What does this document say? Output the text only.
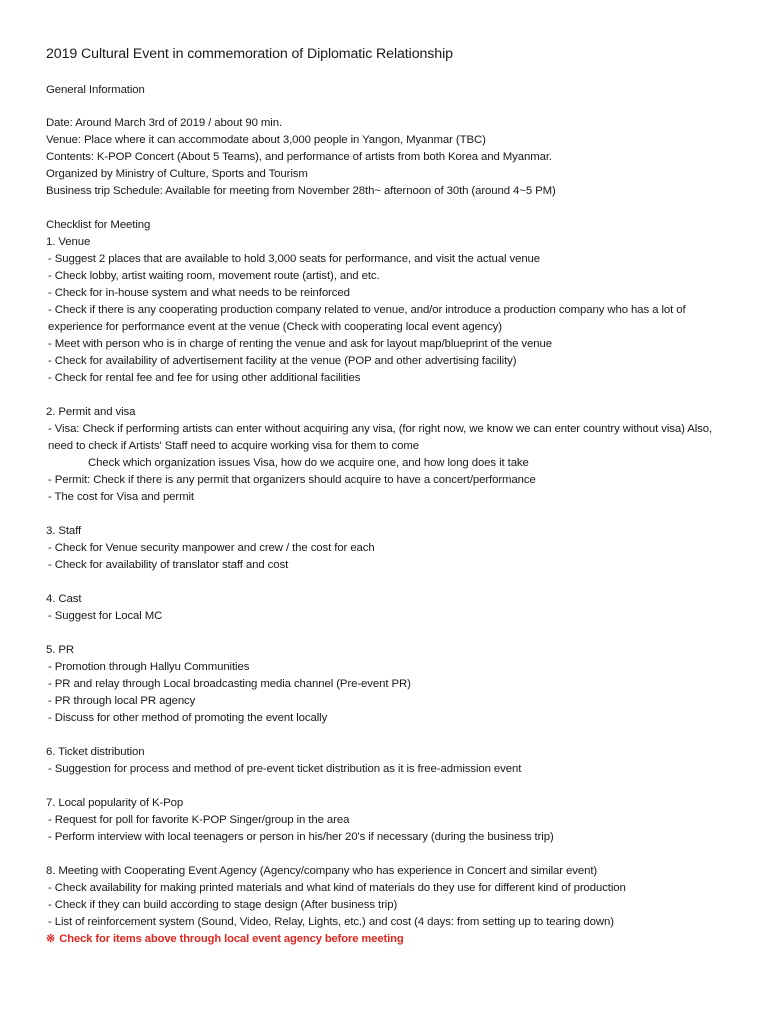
2019 Cultural Event in commemoration of Diplomatic Relationship
General Information
Date: Around March 3rd of 2019 / about 90 min.
Venue: Place where it can accommodate about 3,000 people in Yangon, Myanmar (TBC)
Contents: K-POP Concert (About 5 Teams), and performance of artists from both Korea and Myanmar.
Organized by Ministry of Culture, Sports and Tourism
Business trip Schedule: Available for meeting from November 28th~ afternoon of 30th (around 4~5 PM)
Checklist for Meeting
1. Venue
- Suggest 2 places that are available to hold 3,000 seats for performance, and visit the actual venue
- Check lobby, artist waiting room, movement route (artist), and etc.
- Check for in-house system and what needs to be reinforced
- Check if there is any cooperating production company related to venue, and/or introduce a production company who has a lot of experience for performance event at the venue (Check with cooperating local event agency)
- Meet with person who is in charge of renting the venue and ask for layout map/blueprint of the venue
- Check for availability of advertisement facility at the venue (POP and other advertising facility)
- Check for rental fee and fee for using other additional facilities
2. Permit and visa
- Visa: Check if performing artists can enter without acquiring any visa, (for right now, we know we can enter country without visa) Also, need to check if Artists' Staff need to acquire working visa for them to come
Check which organization issues Visa, how do we acquire one, and how long does it take
- Permit: Check if there is any permit that organizers should acquire to have a concert/performance
- The cost for Visa and permit
3. Staff
- Check for Venue security manpower and crew / the cost for each
- Check for availability of translator staff and cost
4. Cast
- Suggest for Local MC
5. PR
- Promotion through Hallyu Communities
- PR and relay through Local broadcasting media channel (Pre-event PR)
- PR through local PR agency
- Discuss for other method of promoting the event locally
6. Ticket distribution
- Suggestion for process and method of pre-event ticket distribution as it is free-admission event
7. Local popularity of K-Pop
- Request for poll for favorite K-POP Singer/group in the area
- Perform interview with local teenagers or person in his/her 20's if necessary (during the business trip)
8. Meeting with Cooperating Event Agency (Agency/company who has experience in Concert and similar event)
- Check availability for making printed materials and what kind of materials do they use for different kind of production
- Check if they can build according to stage design (After business trip)
- List of reinforcement system (Sound, Video, Relay, Lights, etc.) and cost (4 days: from setting up to tearing down)
※ Check for items above through local event agency before meeting
